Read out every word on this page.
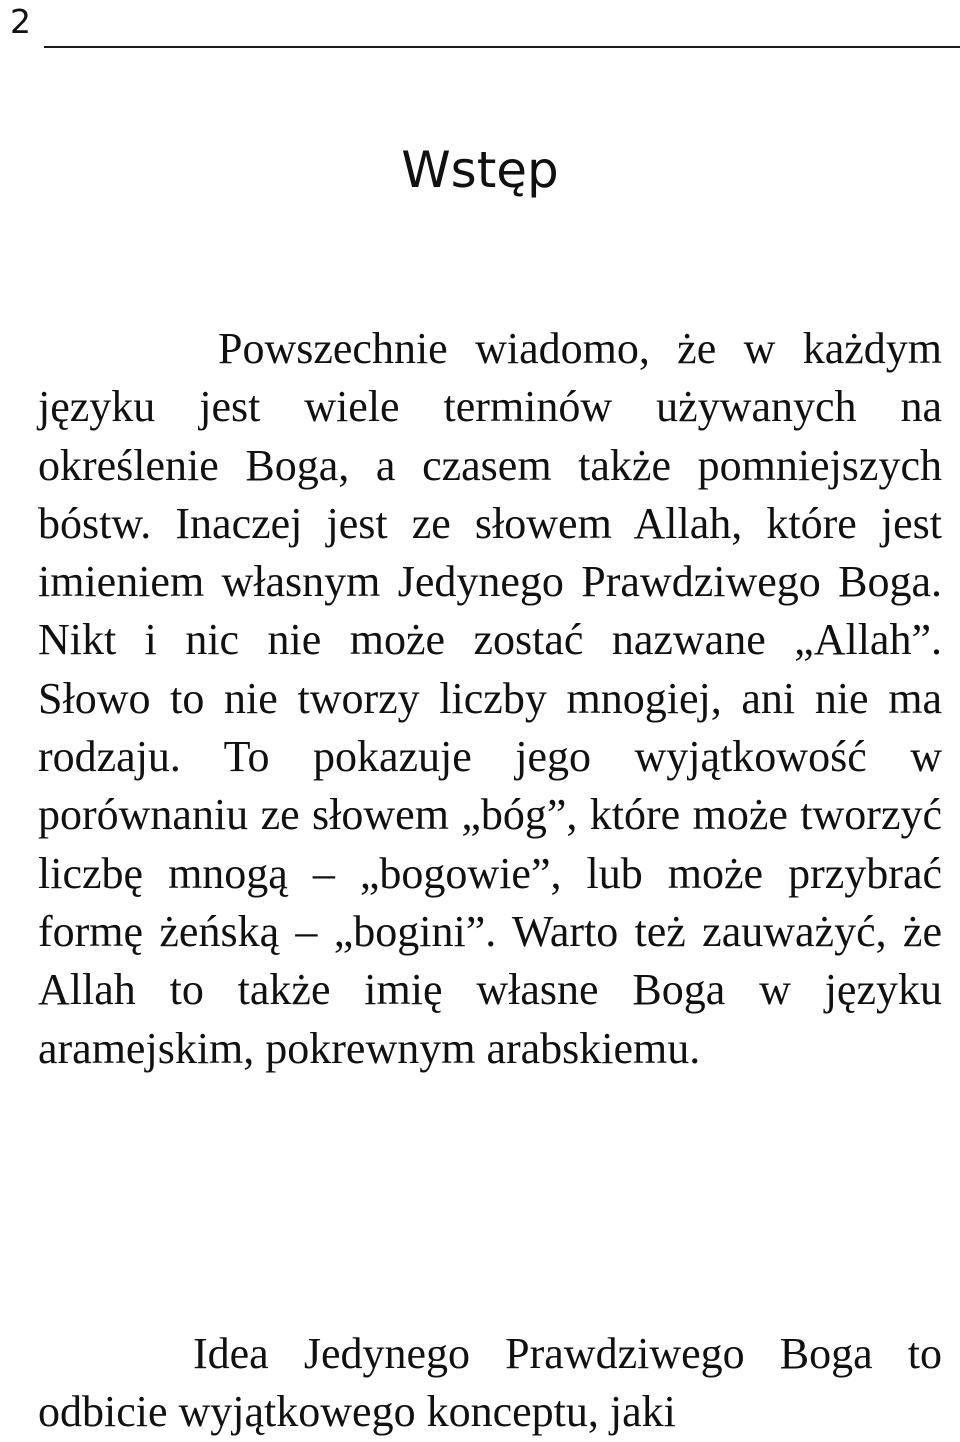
2
Wstęp

Powszechnie wiadomo, że w każdym języku jest wiele terminów używanych na określenie Boga, a czasem także pomniejszych bóstw. Inaczej jest ze słowem Allah, które jest imieniem własnym Jedynego Prawdziwego Boga. Nikt i nic nie może zostać nazwane „Allah”. Słowo to nie tworzy liczby mnogiej, ani nie ma rodzaju. To pokazuje jego wyjątkowość w porównaniu ze słowem „bóg”, które może tworzyć liczbę mnogą – „bogowie”, lub może przybrać formę żeńską – „bogini”. Warto też zauważyć, że Allah to także imię własne Boga w języku aramejskim, pokrewnym arabskiemu.

Idea Jedynego Prawdziwego Boga to odbicie wyjątkowego konceptu, jaki
